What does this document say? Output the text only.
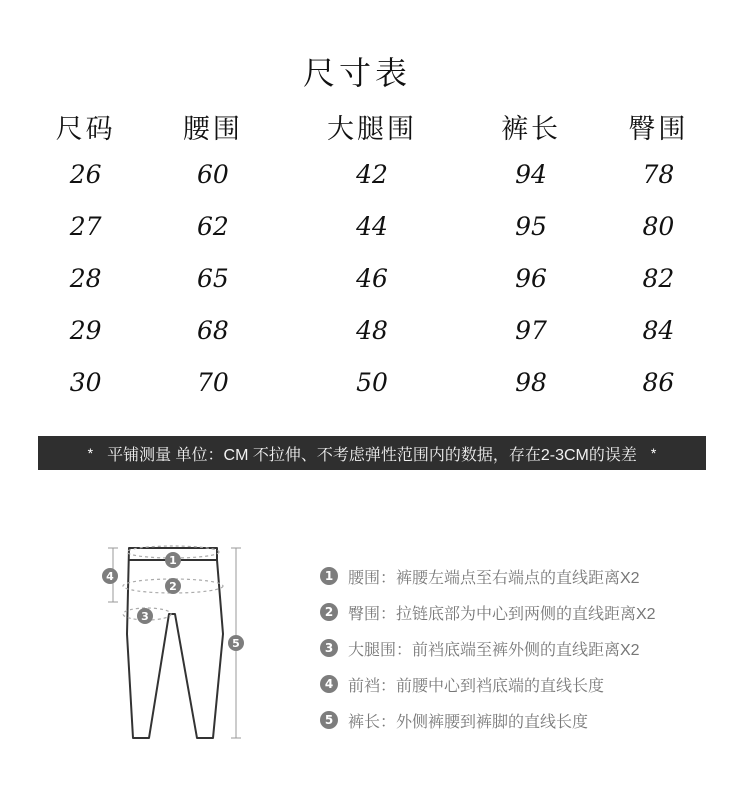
尺寸表
尺码	腰围	大腿围	裤长	臀围
26	60	42	94	78
27	62	44	95	80
28	65	46	96	82
29	68	48	97	84
30	70	50	98	86
* 平铺测量 单位：CM 不拉伸、不考虑弹性范围内的数据，存在2-3CM的误差 *
1
2
3
4
5
1 腰围：裤腰左端点至右端点的直线距离X2
2 臀围：拉链底部为中心到两侧的直线距离X2
3 大腿围：前裆底端至裤外侧的直线距离X2
4 前裆：前腰中心到裆底端的直线长度
5 裤长：外侧裤腰到裤脚的直线长度
